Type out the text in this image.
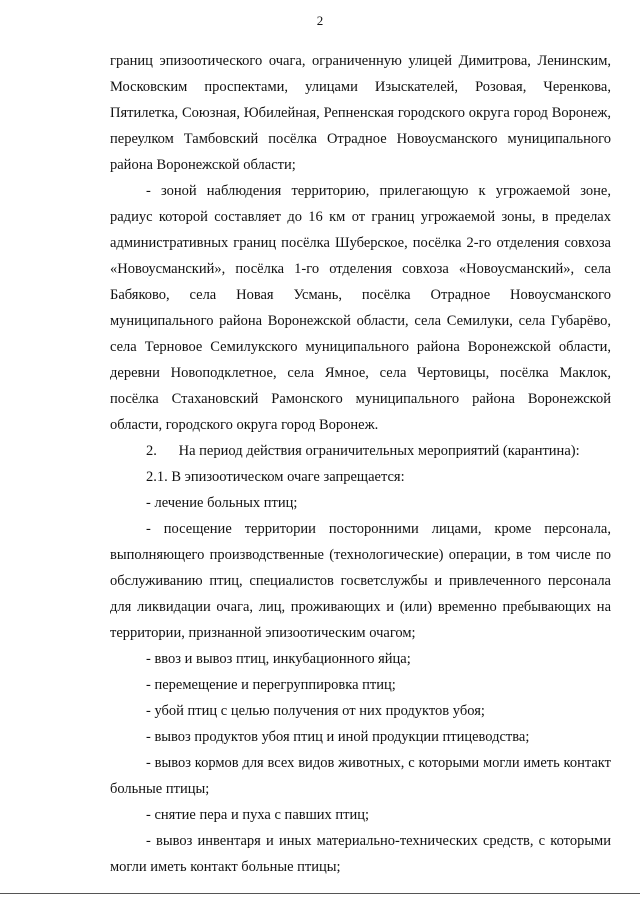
2

границ эпизоотического очага, ограниченную улицей Димитрова, Ленинским, Московским проспектами, улицами Изыскателей, Розовая, Черенкова, Пятилетка, Союзная, Юбилейная, Репненская городского округа город Воронеж, переулком Тамбовский посёлка Отрадное Новоусманского муниципального района Воронежской области;

- зоной наблюдения территорию, прилегающую к угрожаемой зоне, радиус которой составляет до 16 км от границ угрожаемой зоны, в пределах административных границ посёлка Шуберское, посёлка 2-го отделения совхоза «Новоусманский», посёлка 1-го отделения совхоза «Новоусманский», села Бабяково, села Новая Усмань, посёлка Отрадное Новоусманского муниципального района Воронежской области, села Семилуки, села Губарёво, села Терновое Семилукского муниципального района Воронежской области, деревни Новоподклетное, села Ямное, села Чертовицы, посёлка Маклок, посёлка Стахановский Рамонского муниципального района Воронежской области, городского округа город Воронеж.

2.      На период действия ограничительных мероприятий (карантина):

2.1. В эпизоотическом очаге запрещается:

- лечение больных птиц;

- посещение территории посторонними лицами, кроме персонала, выполняющего производственные (технологические) операции, в том числе по обслуживанию птиц, специалистов госветслужбы и привлеченного персонала для ликвидации очага, лиц, проживающих и (или) временно пребывающих на территории, признанной эпизоотическим очагом;

- ввоз и вывоз птиц, инкубационного яйца;

- перемещение и перегруппировка птиц;

- убой птиц с целью получения от них продуктов убоя;

- вывоз продуктов убоя птиц и иной продукции птицеводства;

- вывоз кормов для всех видов животных, с которыми могли иметь контакт больные птицы;

- снятие пера и пуха с павших птиц;

- вывоз инвентаря и иных материально-технических средств, с которыми могли иметь контакт больные птицы;
